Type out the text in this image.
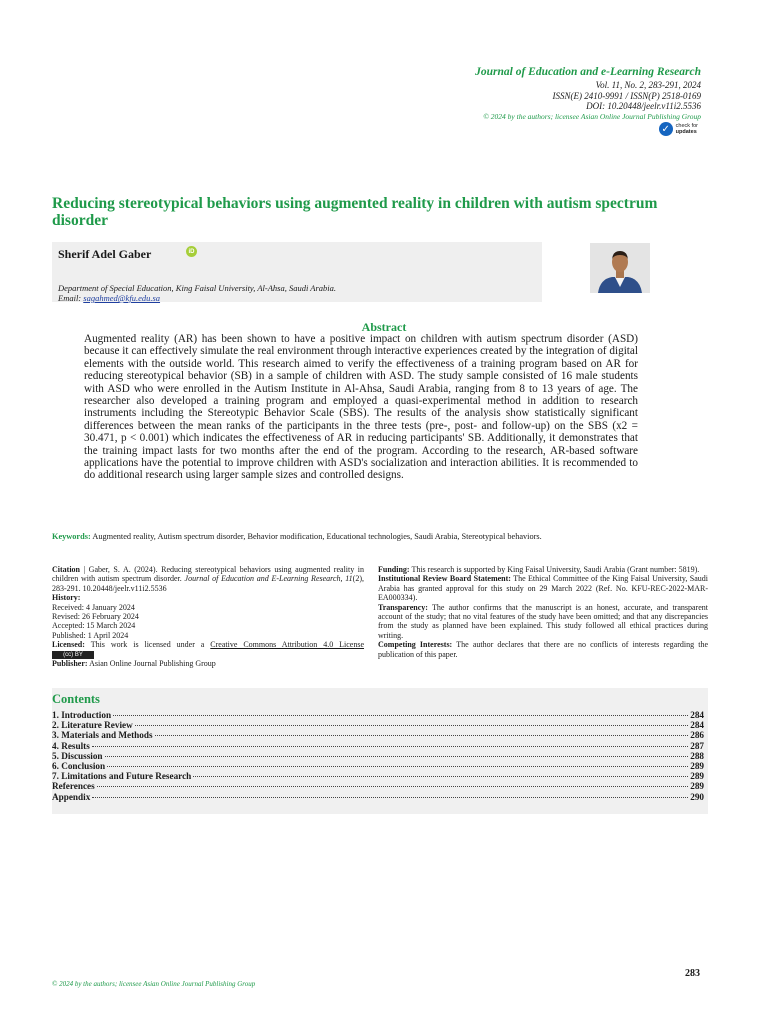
Journal of Education and e-Learning Research
Vol. 11, No. 2, 283-291, 2024
ISSN(E) 2410-9991 / ISSN(P) 2518-0169
DOI: 10.20448/jeelr.v11i2.5536
© 2024 by the authors; licensee Asian Online Journal Publishing Group
✓	check for
updates
Reducing stereotypical behaviors using augmented reality in children with autism spectrum disorder
Sherif Adel Gaber	iD
Department of Special Education, King Faisal University, Al-Ahsa, Saudi Arabia.
Email: sagahmed@kfu.edu.sa
Abstract
Augmented reality (AR) has been shown to have a positive impact on children with autism spectrum disorder (ASD) because it can effectively simulate the real environment through interactive experiences created by the integration of digital elements with the outside world. This research aimed to verify the effectiveness of a training program based on AR for reducing stereotypical behavior (SB) in a sample of children with ASD. The study sample consisted of 16 male students with ASD who were enrolled in the Autism Institute in Al-Ahsa, Saudi Arabia, ranging from 8 to 13 years of age. The researcher also developed a training program and employed a quasi-experimental method in addition to research instruments including the Stereotypic Behavior Scale (SBS). The results of the analysis show statistically significant differences between the mean ranks of the participants in the three tests (pre-, post- and follow-up) on the SBS (x2 = 30.471, p < 0.001) which indicates the effectiveness of AR in reducing participants' SB. Additionally, it demonstrates that the training impact lasts for two months after the end of the program. According to the research, AR-based software applications have the potential to improve children with ASD's socialization and interaction abilities. It is recommended to do additional research using larger sample sizes and controlled designs.
Keywords: Augmented reality, Autism spectrum disorder, Behavior modification, Educational technologies, Saudi Arabia, Stereotypical behaviors.
Citation | Gaber, S. A. (2024). Reducing stereotypical behaviors using augmented reality in children with autism spectrum disorder. Journal of Education and E-Learning Research, 11(2), 283-291. 10.20448/jeelr.v11i2.5536
History:
Received: 4 January 2024
Revised: 26 February 2024
Accepted: 15 March 2024
Published: 1 April 2024
Licensed: This work is licensed under a Creative Commons Attribution 4.0 License (cc) BY
Publisher: Asian Online Journal Publishing Group
Funding: This research is supported by King Faisal University, Saudi Arabia (Grant number: 5819).
Institutional Review Board Statement: The Ethical Committee of the King Faisal University, Saudi Arabia has granted approval for this study on 29 March 2022 (Ref. No. KFU-REC-2022-MAR-EA000334).
Transparency: The author confirms that the manuscript is an honest, accurate, and transparent account of the study; that no vital features of the study have been omitted; and that any discrepancies from the study as planned have been explained. This study followed all ethical practices during writing.
Competing Interests: The author declares that there are no conflicts of interests regarding the publication of this paper.
Contents
1. Introduction	284
2. Literature Review	284
3. Materials and Methods	286
4. Results	287
5. Discussion	288
6. Conclusion	289
7. Limitations and Future Research	289
References	289
Appendix	290
283
© 2024 by the authors; licensee Asian Online Journal Publishing Group
